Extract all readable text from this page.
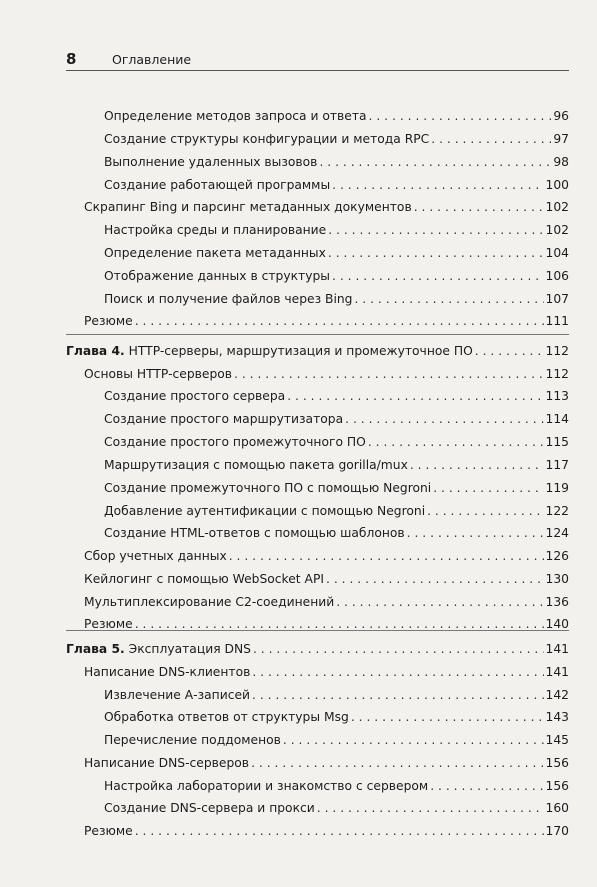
8	Оглавление
Определение методов запроса и ответа . . .	96
Создание структуры конфигурации и метода RPC . . .	97
Выполнение удаленных вызовов . . .	98
Создание работающей программы . . .	100
Скрапинг Bing и парсинг метаданных документов . . .	102
Настройка среды и планирование . . .	102
Определение пакета метаданных . . .	104
Отображение данных в структуры . . .	106
Поиск и получение файлов через Bing . . .	107
Резюме . . .	111
Глава 4. HTTP-серверы, маршрутизация и промежуточное ПО . . .	112
Основы HTTP-серверов . . .	112
Создание простого сервера . . .	113
Создание простого маршрутизатора . . .	114
Создание простого промежуточного ПО . . .	115
Маршрутизация с помощью пакета gorilla/mux . . .	117
Создание промежуточного ПО с помощью Negroni . . .	119
Добавление аутентификации с помощью Negroni . . .	122
Создание HTML-ответов с помощью шаблонов . . .	124
Сбор учетных данных . . .	126
Кейлогинг с помощью WebSocket API . . .	130
Мультиплексирование C2-соединений . . .	136
Резюме . . .	140
Глава 5. Эксплуатация DNS . . .	141
Написание DNS-клиентов . . .	141
Извлечение А-записей . . .	142
Обработка ответов от структуры Msg . . .	143
Перечисление поддоменов . . .	145
Написание DNS-серверов . . .	156
Настройка лаборатории и знакомство с сервером . . .	156
Создание DNS-сервера и прокси . . .	160
Резюме . . .	170
